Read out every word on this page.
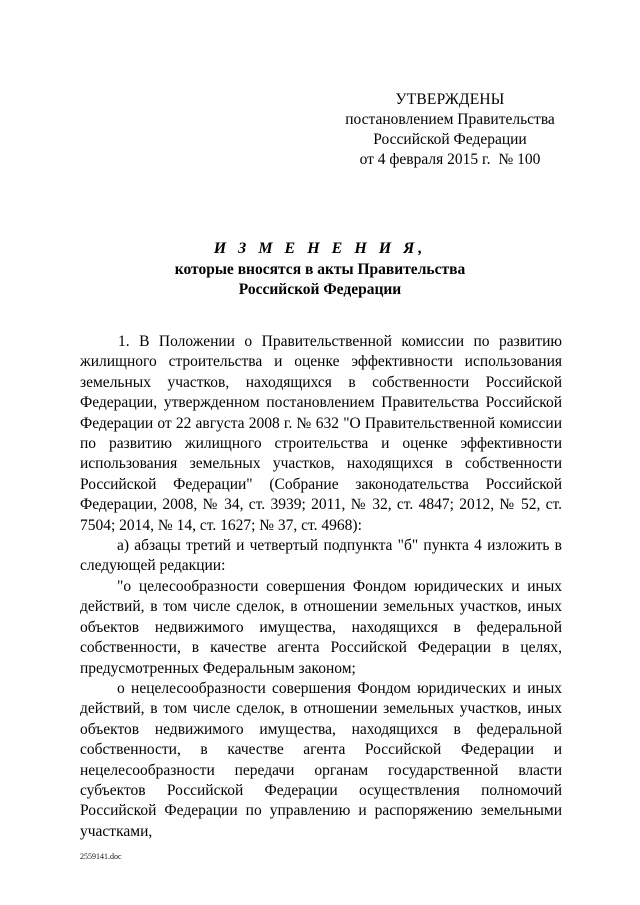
УТВЕРЖДЕНЫ
постановлением Правительства
Российской Федерации
от 4 февраля 2015 г. № 100
И З М Е Н Е Н И Я,
которые вносятся в акты Правительства
Российской Федерации

1. В Положении о Правительственной комиссии по развитию жилищного строительства и оценке эффективности использования земельных участков, находящихся в собственности Российской Федерации, утвержденном постановлением Правительства Российской Федерации от 22 августа 2008 г. № 632 "О Правительственной комиссии по развитию жилищного строительства и оценке эффективности использования земельных участков, находящихся в собственности Российской Федерации" (Собрание законодательства Российской Федерации, 2008, № 34, ст. 3939; 2011, № 32, ст. 4847; 2012, № 52, ст. 7504; 2014, № 14, ст. 1627; № 37, ст. 4968):

а) абзацы третий и четвертый подпункта "б" пункта 4 изложить в следующей редакции:

"о целесообразности совершения Фондом юридических и иных действий, в том числе сделок, в отношении земельных участков, иных объектов недвижимого имущества, находящихся в федеральной собственности, в качестве агента Российской Федерации в целях, предусмотренных Федеральным законом;

о нецелесообразности совершения Фондом юридических и иных действий, в том числе сделок, в отношении земельных участков, иных объектов недвижимого имущества, находящихся в федеральной собственности, в качестве агента Российской Федерации и нецелесообразности передачи органам государственной власти субъектов Российской Федерации осуществления полномочий Российской Федерации по управлению и распоряжению земельными участками,

2559141.doc
